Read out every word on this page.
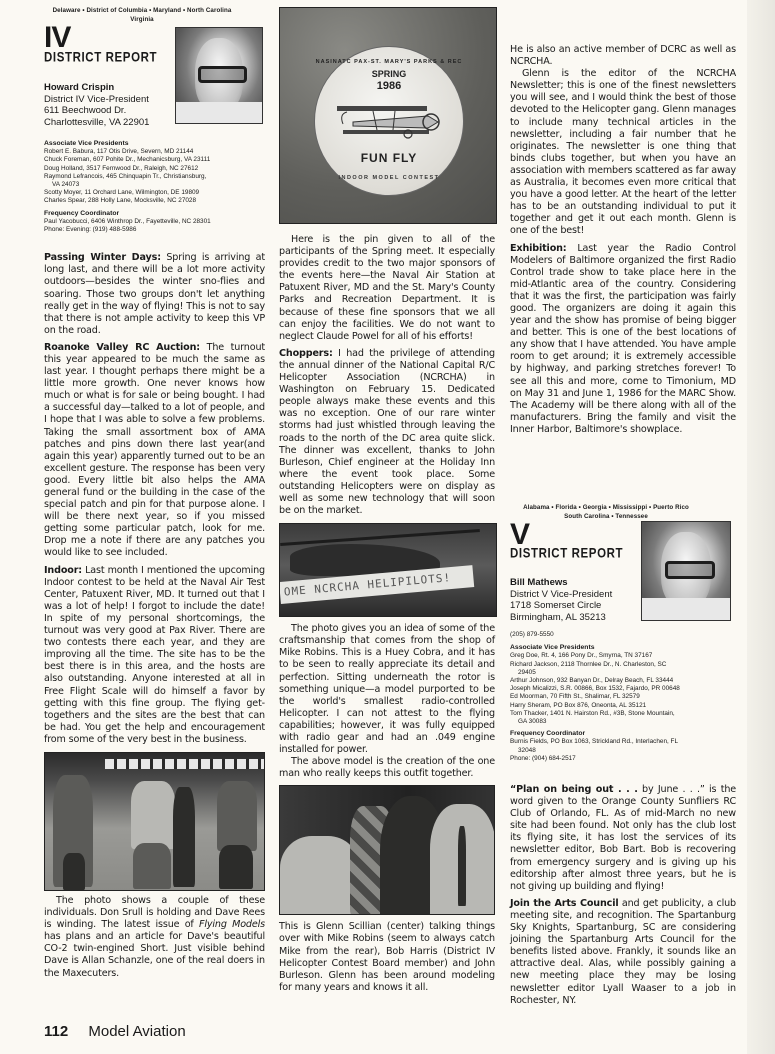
Delaware • District of Columbia • Maryland • North Carolina
Virginia
IV
DISTRICT REPORT
Howard Crispin
District IV Vice-President
611 Beechwood Dr.
Charlottesville, VA 22901
Associate Vice Presidents
Robert E. Babura, 117 Otis Drive, Severn, MD 21144
Chuck Foreman, 607 Pohite Dr., Mechanicsburg, VA 23111
Doug Holland, 3517 Fernwood Dr., Raleigh, NC 27612
Raymond Lefrancois, 465 Chinquapin Tr., Christiansburg,
VA 24073
Scotty Moyer, 11 Orchard Lane, Wilmington, DE 19809
Charles Spear, 288 Holly Lane, Mocksville, NC 27028
Frequency Coordinator
Paul Yacobucci, 6406 Winthrop Dr., Fayetteville, NC 28301
Phone: Evening: (919) 488-5986

Passing Winter Days: Spring is arriving at long last, and there will be a lot more activity outdoors—besides the winter sno-flies and soaring. Those two groups don't let anything really get in the way of flying! This is not to say that there is not ample activity to keep this VP on the road.

Roanoke Valley RC Auction: The turnout this year appeared to be much the same as last year. I thought perhaps there might be a little more growth. One never knows how much or what is for sale or being bought. I had a successful day—talked to a lot of people, and I hope that I was able to solve a few problems. Taking the small assortment box of AMA patches and pins down there last year(and again this year) apparently turned out to be an excellent gesture. The response has been very good. Every little bit also helps the AMA general fund or the building in the case of the special patch and pin for that purpose alone. I will be there next year, so if you missed getting some particular patch, look for me. Drop me a note if there are any patches you would like to see included.

Indoor: Last month I mentioned the upcoming Indoor contest to be held at the Naval Air Test Center, Patuxent River, MD. It turned out that I was a lot of help! I forgot to include the date! In spite of my personal shortcomings, the turnout was very good at Pax River. There are two contests there each year, and they are improving all the time. The site has to be the best there is in this area, and the hosts are also outstanding. Anyone interested at all in Free Flight Scale will do himself a favor by getting with this fine group. The flying get-togethers and the sites are the best that can be had. You get the help and encouragement from some of the very best in the business.

The photo shows a couple of these individuals. Don Srull is holding and Dave Rees is winding. The latest issue of Flying Models has plans and an article for Dave's beautiful CO-2 twin-engined Short. Just visible behind Dave is Allan Schanzle, one of the real doers in the Maxecuters.

NASINATC PAX-ST. MARY'S PARKS & REC
SPRING
1986
FUN FLY
INDOOR MODEL CONTEST

Here is the pin given to all of the participants of the Spring meet. It especially provides credit to the two major sponsors of the events here—the Naval Air Station at Patuxent River, MD and the St. Mary's County Parks and Recreation Department. It is because of these fine sponsors that we all can enjoy the facilities. We do not want to neglect Claude Powel for all of his efforts!

Choppers: I had the privilege of attending the annual dinner of the National Capital R/C Helicopter Association (NCRCHA) in Washington on February 15. Dedicated people always make these events and this was no exception. One of our rare winter storms had just whistled through leaving the roads to the north of the DC area quite slick. The dinner was excellent, thanks to John Burleson, Chief engineer at the Holiday Inn where the event took place. Some outstanding Helicopters were on display as well as some new technology that will soon be on the market.

OME NCRCHA HELIPILOTS!

The photo gives you an idea of some of the craftsmanship that comes from the shop of Mike Robins. This is a Huey Cobra, and it has to be seen to really appreciate its detail and perfection. Sitting underneath the rotor is something unique—a model purported to be the world's smallest radio-controlled Helicopter. I can not attest to the flying capabilities; however, it was fully equipped with radio gear and had an .049 engine installed for power.

The above model is the creation of the one man who really keeps this outfit together.

This is Glenn Scillian (center) talking things over with Mike Robins (seem to always catch Mike from the rear), Bob Harris (District IV Helicopter Contest Board member) and John Burleson. Glenn has been around modeling for many years and knows it all.

He is also an active member of DCRC as well as NCRCHA.

Glenn is the editor of the NCRCHA Newsletter; this is one of the finest newsletters you will see, and I would think the best of those devoted to the Helicopter gang. Glenn manages to include many technical articles in the newsletter, including a fair number that he originates. The newsletter is one thing that binds clubs together, but when you have an association with members scattered as far away as Australia, it becomes even more critical that you have a good letter. At the heart of the letter has to be an outstanding individual to put it together and get it out each month. Glenn is one of the best!

Exhibition: Last year the Radio Control Modelers of Baltimore organized the first Radio Control trade show to take place here in the mid-Atlantic area of the country. Considering that it was the first, the participation was fairly good. The organizers are doing it again this year and the show has promise of being bigger and better. This is one of the best locations of any show that I have attended. You have ample room to get around; it is extremely accessible by highway, and parking stretches forever! To see all this and more, come to Timonium, MD on May 31 and June 1, 1986 for the MARC Show. The Academy will be there along with all of the manufacturers. Bring the family and visit the Inner Harbor, Baltimore's showplace.

Alabama • Florida • Georgia • Mississippi • Puerto Rico
South Carolina • Tennessee
V
DISTRICT REPORT
Bill Mathews
District V Vice-President
1718 Somerset Circle
Birmingham, AL 35213
(205) 879-5550
Associate Vice Presidents
Greg Doe, Rt. 4, 166 Pony Dr., Smyrna, TN 37167
Richard Jackson, 2118 Thornlee Dr., N. Charleston, SC
29405
Arthur Johnson, 932 Banyan Dr., Delray Beach, FL 33444
Joseph Micalizzi, S.R. 00866, Box 1532, Fajardo, PR 00648
Ed Moorman, 70 Fifth St., Shalimar, FL 32579
Harry Sheram, PO Box 876, Oneonta, AL 35121
Tom Thacker, 1401 N. Hairston Rd., #3B, Stone Mountain,
GA 30083
Frequency Coordinator
Burnis Fields, PO Box 1063, Strickland Rd., Interlachen, FL
32048
Phone: (904) 684-2517

“Plan on being out . . . by June . . .” is the word given to the Orange County Sunfliers RC Club of Orlando, FL. As of mid-March no new site had been found. Not only has the club lost its flying site, it has lost the services of its newsletter editor, Bob Bart. Bob is recovering from emergency surgery and is giving up his editorship after almost three years, but he is not giving up building and flying!

Join the Arts Council and get publicity, a club meeting site, and recognition. The Spartanburg Sky Knights, Spartanburg, SC are considering joining the Spartanburg Arts Council for the benefits listed above. Frankly, it sounds like an attractive deal. Alas, while possibly gaining a new meeting place they may be losing newsletter editor Lyall Waaser to a job in Rochester, NY.

112 Model Aviation
